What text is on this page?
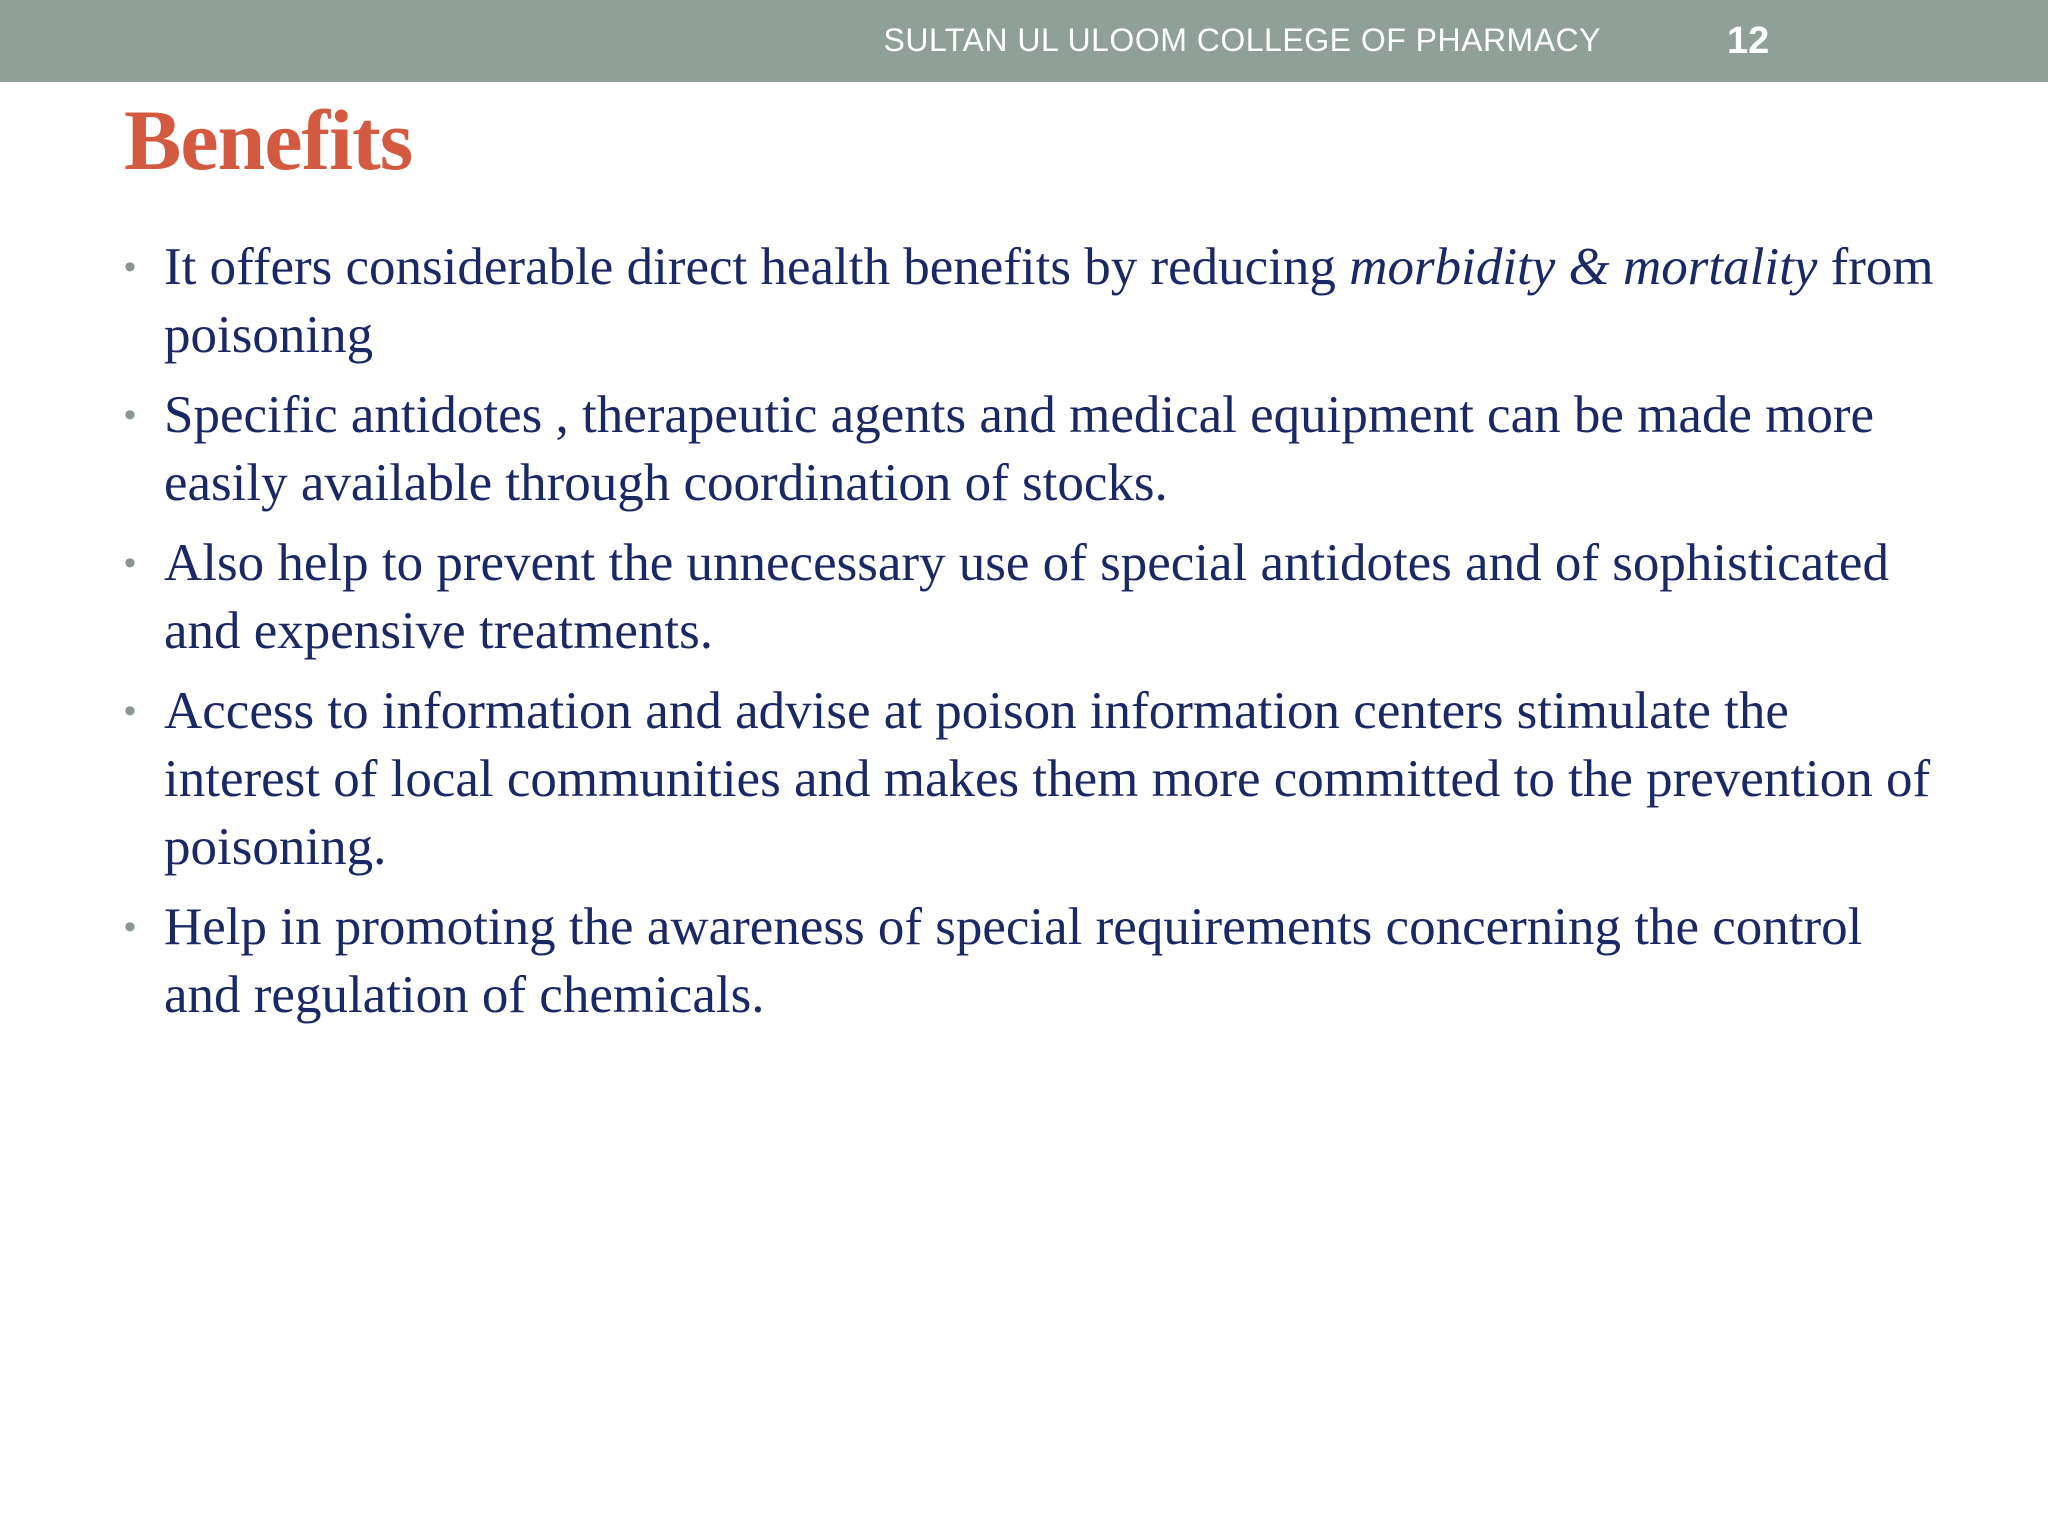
SULTAN UL ULOOM COLLEGE OF PHARMACY	12
Benefits
• It offers considerable direct health benefits by reducing morbidity & mortality from poisoning
• Specific antidotes , therapeutic agents and medical equipment can be made more easily available through coordination of stocks.
• Also help to prevent the unnecessary use of special antidotes and of sophisticated and expensive treatments.
• Access to information and advise at poison information centers stimulate the interest of local communities and makes them more committed to the prevention of poisoning.
• Help in promoting the awareness of special requirements concerning the control and regulation of chemicals.
